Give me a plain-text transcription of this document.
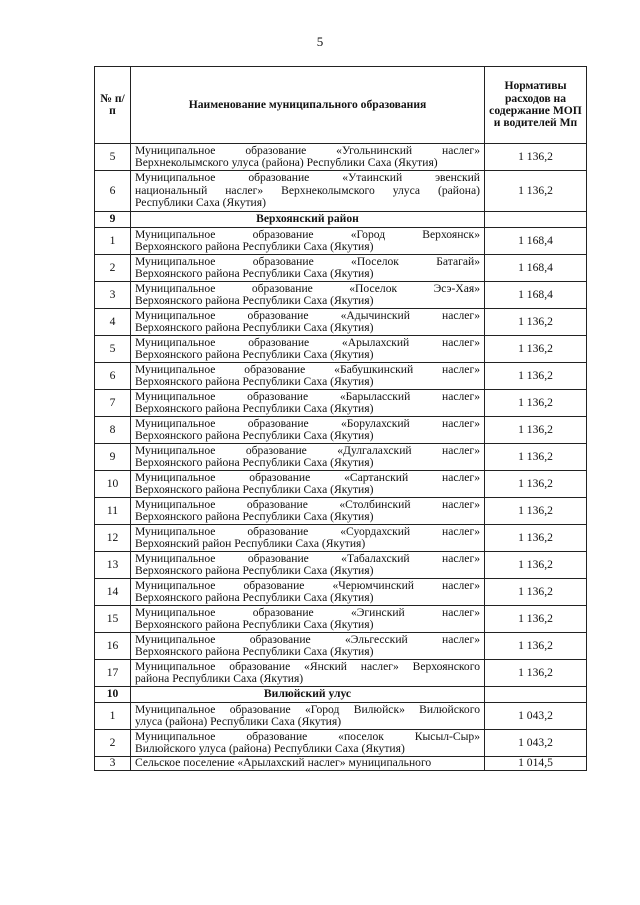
5
№ п/п	Наименование муниципального образования	Нормативы расходов на содержание МОП и водителей Мп
5	Муниципальное образование «Угольнинский наслег»
Верхнеколымского улуса (района) Республики Саха (Якутия)	1 136,2
6	Муниципальное образование «Утаинский эвенский
национальный наслег» Верхнеколымского улуса (района)
Республики Саха (Якутия)	1 136,2
9	Верхоянский район	
1	Муниципальное образование «Город Верхоянск»
Верхоянского района Республики Саха (Якутия)	1 168,4
2	Муниципальное образование «Поселок Батагай»
Верхоянского района Республики Саха (Якутия)	1 168,4
3	Муниципальное образование «Поселок Эсэ-Хая»
Верхоянского района Республики Саха (Якутия)	1 168,4
4	Муниципальное образование «Адычинский наслег»
Верхоянского района Республики Саха (Якутия)	1 136,2
5	Муниципальное образование «Арылахский наслег»
Верхоянского района Республики Саха (Якутия)	1 136,2
6	Муниципальное образование «Бабушкинский наслег»
Верхоянского района Республики Саха (Якутия)	1 136,2
7	Муниципальное образование «Барыласский наслег»
Верхоянского района Республики Саха (Якутия)	1 136,2
8	Муниципальное образование «Борулахский наслег»
Верхоянского района Республики Саха (Якутия)	1 136,2
9	Муниципальное образование «Дулгалахский наслег»
Верхоянского района Республики Саха (Якутия)	1 136,2
10	Муниципальное образование «Сартанский наслег»
Верхоянского района Республики Саха (Якутия)	1 136,2
11	Муниципальное образование «Столбинский наслег»
Верхоянского района Республики Саха (Якутия)	1 136,2
12	Муниципальное образование «Суордахский наслег»
Верхоянский район Республики Саха (Якутия)	1 136,2
13	Муниципальное образование «Табалахский наслег»
Верхоянского района Республики Саха (Якутия)	1 136,2
14	Муниципальное образование «Черюмчинский наслег»
Верхоянского района Республики Саха (Якутия)	1 136,2
15	Муниципальное образование «Эгинский наслег»
Верхоянского района Республики Саха (Якутия)	1 136,2
16	Муниципальное образование «Эльгесский наслег»
Верхоянского района Республики Саха (Якутия)	1 136,2
17	Муниципальное образование «Янский наслег» Верхоянского
района Республики Саха (Якутия)	1 136,2
10	Вилюйский улус	
1	Муниципальное образование «Город Вилюйск» Вилюйского
улуса (района) Республики Саха (Якутия)	1 043,2
2	Муниципальное образование «поселок Кысыл-Сыр»
Вилюйского улуса (района) Республики Саха (Якутия)	1 043,2
3	Сельское поселение «Арылахский наслег» муниципального	1 014,5
